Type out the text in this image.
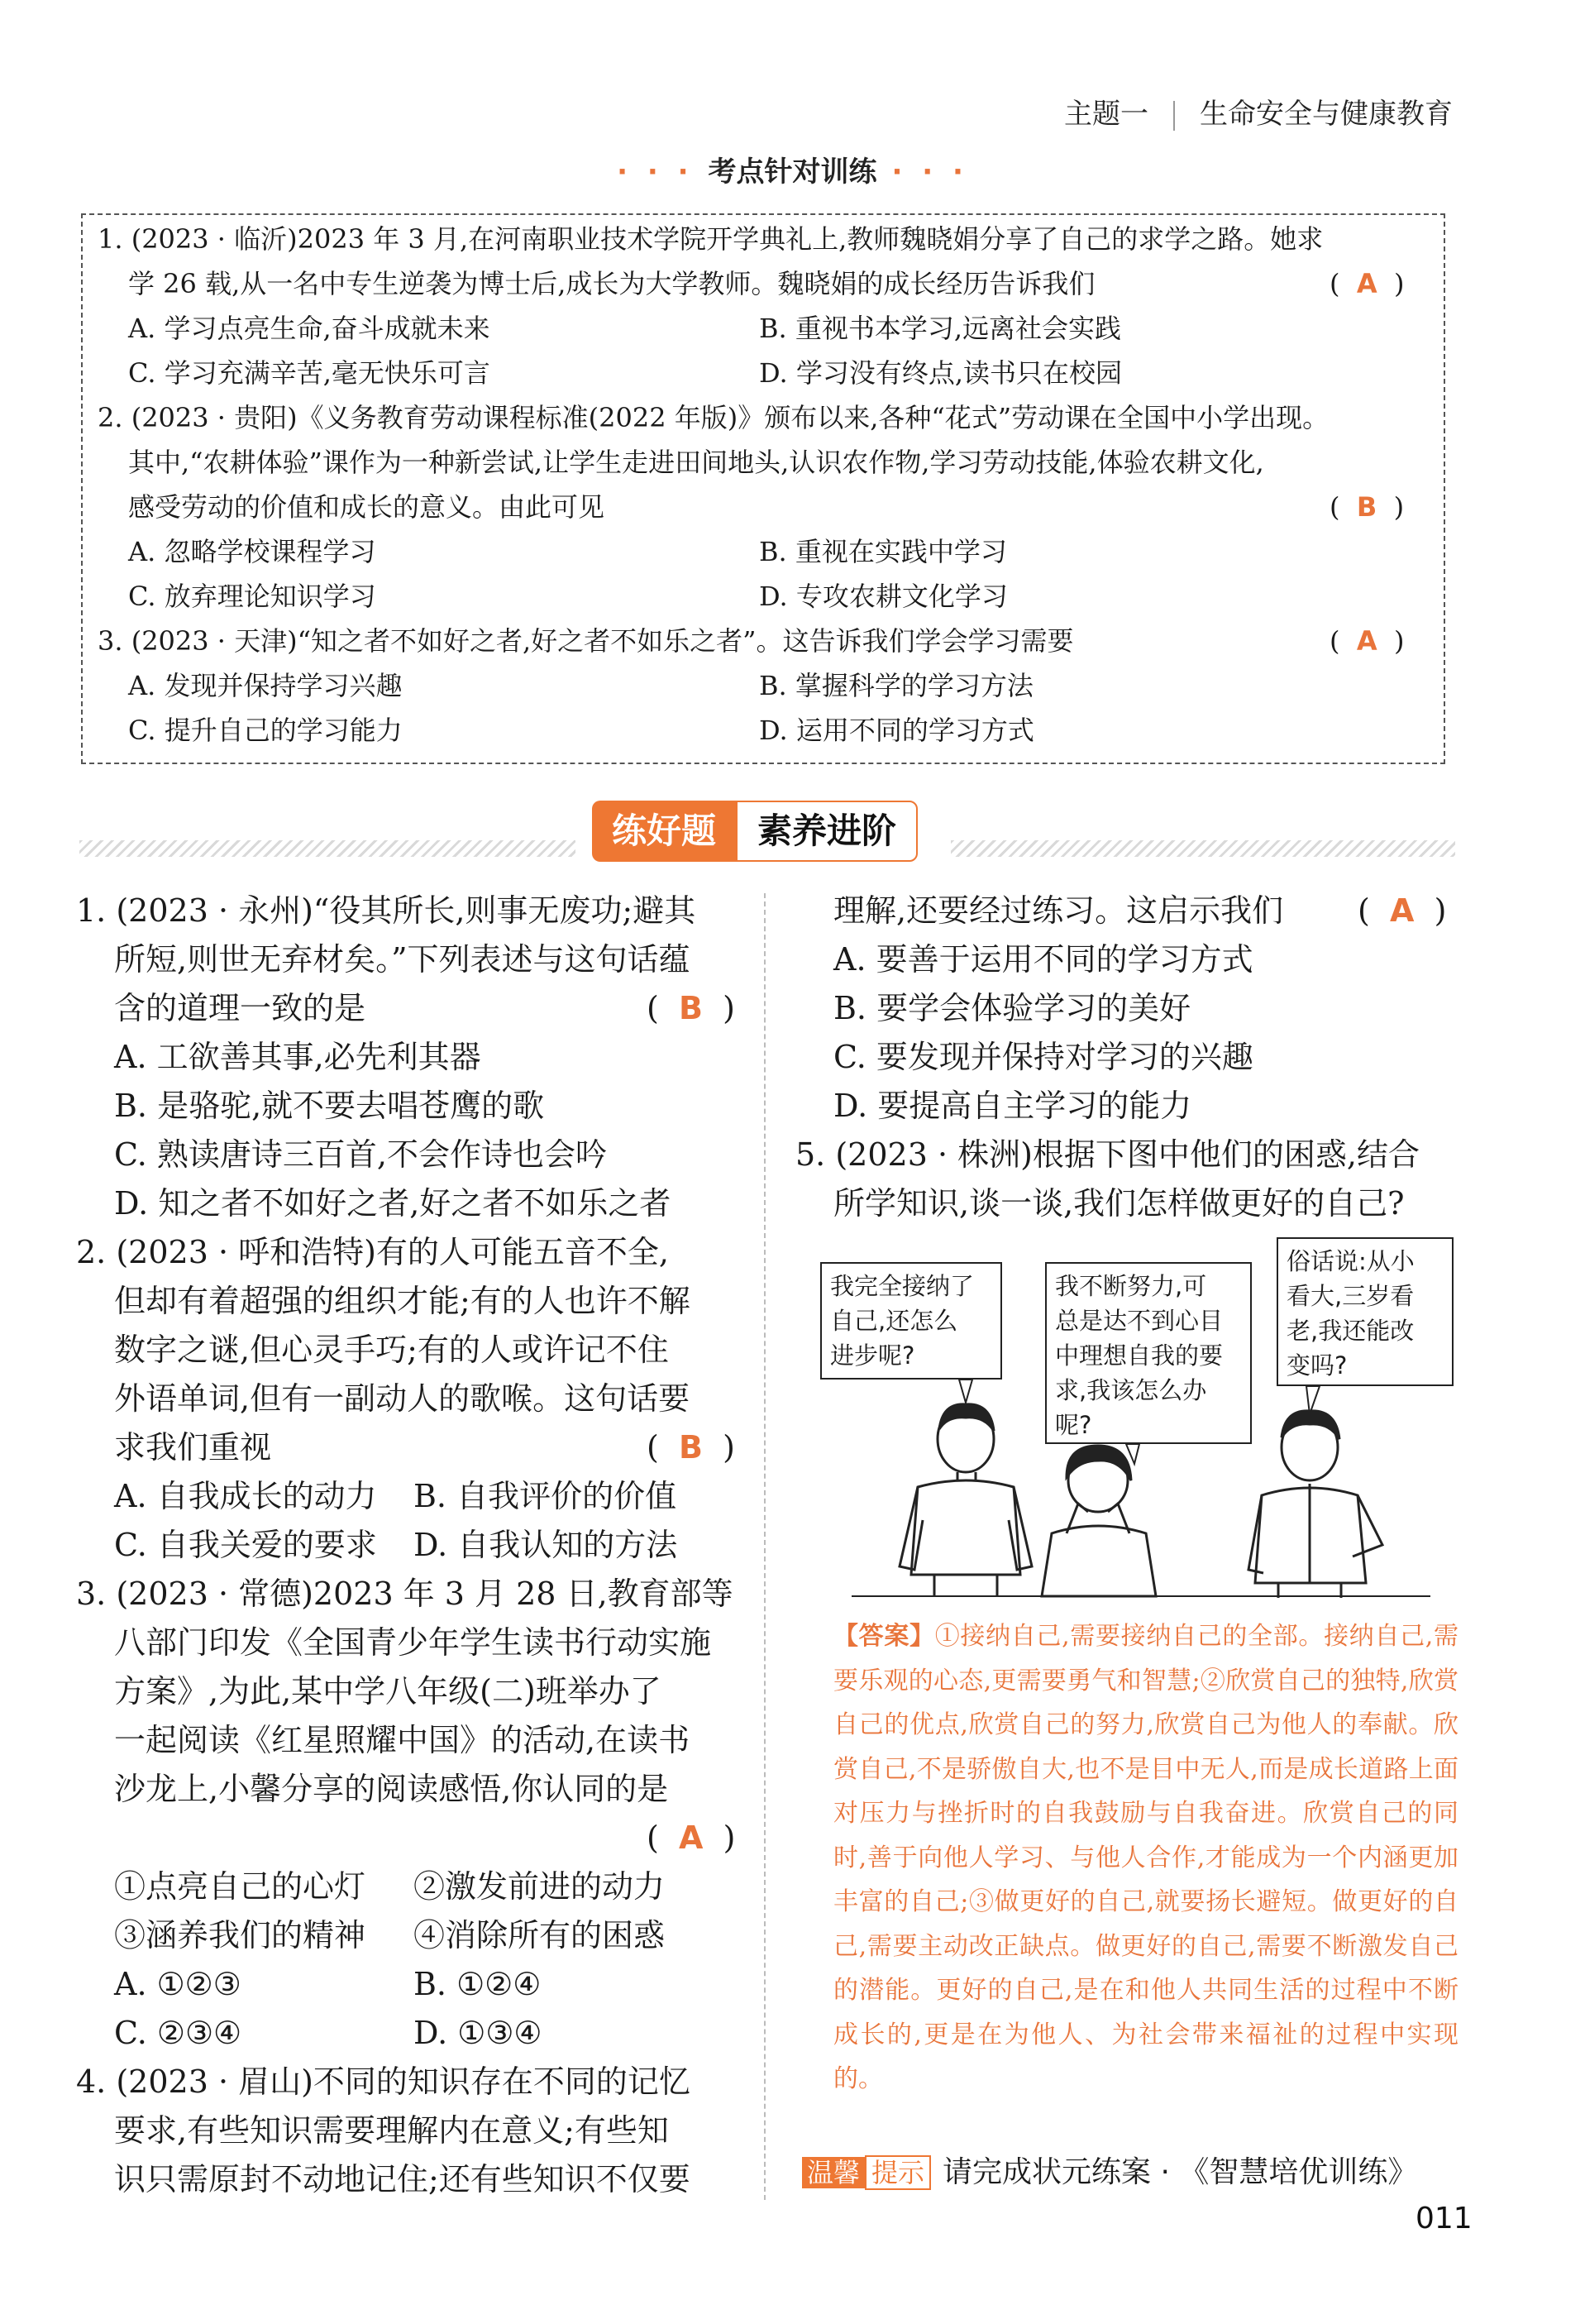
主题一 生命安全与健康教育
· · · 考点针对训练 · · ·
1. (2023 · 临沂)2023 年 3 月,在河南职业技术学院开学典礼上,教师魏晓娟分享了自己的求学之路。她求
学 26 载,从一名中专生逆袭为博士后,成长为大学教师。魏晓娟的成长经历告诉我们	(  A  )
A. 学习点亮生命,奋斗成就未来	B. 重视书本学习,远离社会实践
C. 学习充满辛苦,毫无快乐可言	D. 学习没有终点,读书只在校园
2. (2023 · 贵阳)《义务教育劳动课程标准(2022 年版)》颁布以来,各种“花式”劳动课在全国中小学出现。
其中,“农耕体验”课作为一种新尝试,让学生走进田间地头,认识农作物,学习劳动技能,体验农耕文化,
感受劳动的价值和成长的意义。由此可见	(  B  )
A. 忽略学校课程学习	B. 重视在实践中学习
C. 放弃理论知识学习	D. 专攻农耕文化学习
3. (2023 · 天津)“知之者不如好之者,好之者不如乐之者”。这告诉我们学会学习需要	(  A  )
A. 发现并保持学习兴趣	B. 掌握科学的学习方法
C. 提升自己的学习能力	D. 运用不同的学习方式
练好题	素养进阶
1. (2023 · 永州)“役其所长,则事无废功;避其
所短,则世无弃材矣。”下列表述与这句话蕴
含的道理一致的是	(  B  )
A. 工欲善其事,必先利其器
B. 是骆驼,就不要去唱苍鹰的歌
C. 熟读唐诗三百首,不会作诗也会吟
D. 知之者不如好之者,好之者不如乐之者
2. (2023 · 呼和浩特)有的人可能五音不全,
但却有着超强的组织才能;有的人也许不解
数字之谜,但心灵手巧;有的人或许记不住
外语单词,但有一副动人的歌喉。这句话要
求我们重视	(  B  )
A. 自我成长的动力 B. 自我评价的价值
C. 自我关爱的要求 D. 自我认知的方法
3. (2023 · 常德)2023 年 3 月 28 日,教育部等
八部门印发《全国青少年学生读书行动实施
方案》,为此,某中学八年级(二)班举办了
一起阅读《红星照耀中国》的活动,在读书
沙龙上,小馨分享的阅读感悟,你认同的是
(  A  )
①点亮自己的心灯 ②激发前进的动力
③涵养我们的精神 ④消除所有的困惑
A. ①②③	B. ①②④
C. ②③④	D. ①③④
4. (2023 · 眉山)不同的知识存在不同的记忆
要求,有些知识需要理解内在意义;有些知
识只需原封不动地记住;还有些知识不仅要
理解,还要经过练习。这启示我们 (  A  )
A. 要善于运用不同的学习方式
B. 要学会体验学习的美好
C. 要发现并保持对学习的兴趣
D. 要提高自主学习的能力
5. (2023 · 株洲)根据下图中他们的困惑,结合
所学知识,谈一谈,我们怎样做更好的自己?
我完全接纳了
自己,还怎么
进步呢?
我不断努力,可
总是达不到心目
中理想自我的要
求,我该怎么办
呢?
俗话说:从小
看大,三岁看
老,我还能改
变吗?
【答案】①接纳自己,需要接纳自己的全部。接纳自己,需要乐观的心态,更需要勇气和智慧;②欣赏自己的独特,欣赏自己的优点,欣赏自己的努力,欣赏自己为他人的奉献。欣赏自己,不是骄傲自大,也不是目中无人,而是成长道路上面对压力与挫折时的自我鼓励与自我奋进。欣赏自己的同时,善于向他人学习、与他人合作,才能成为一个内涵更加丰富的自己;③做更好的自己,就要扬长避短。做更好的自己,需要主动改正缺点。做更好的自己,需要不断激发自己的潜能。更好的自己,是在和他人共同生活的过程中不断成长的,更是在为他人、为社会带来福祉的过程中实现的。
温馨 提示 请完成状元练案 · 《智慧培优训练》
011
